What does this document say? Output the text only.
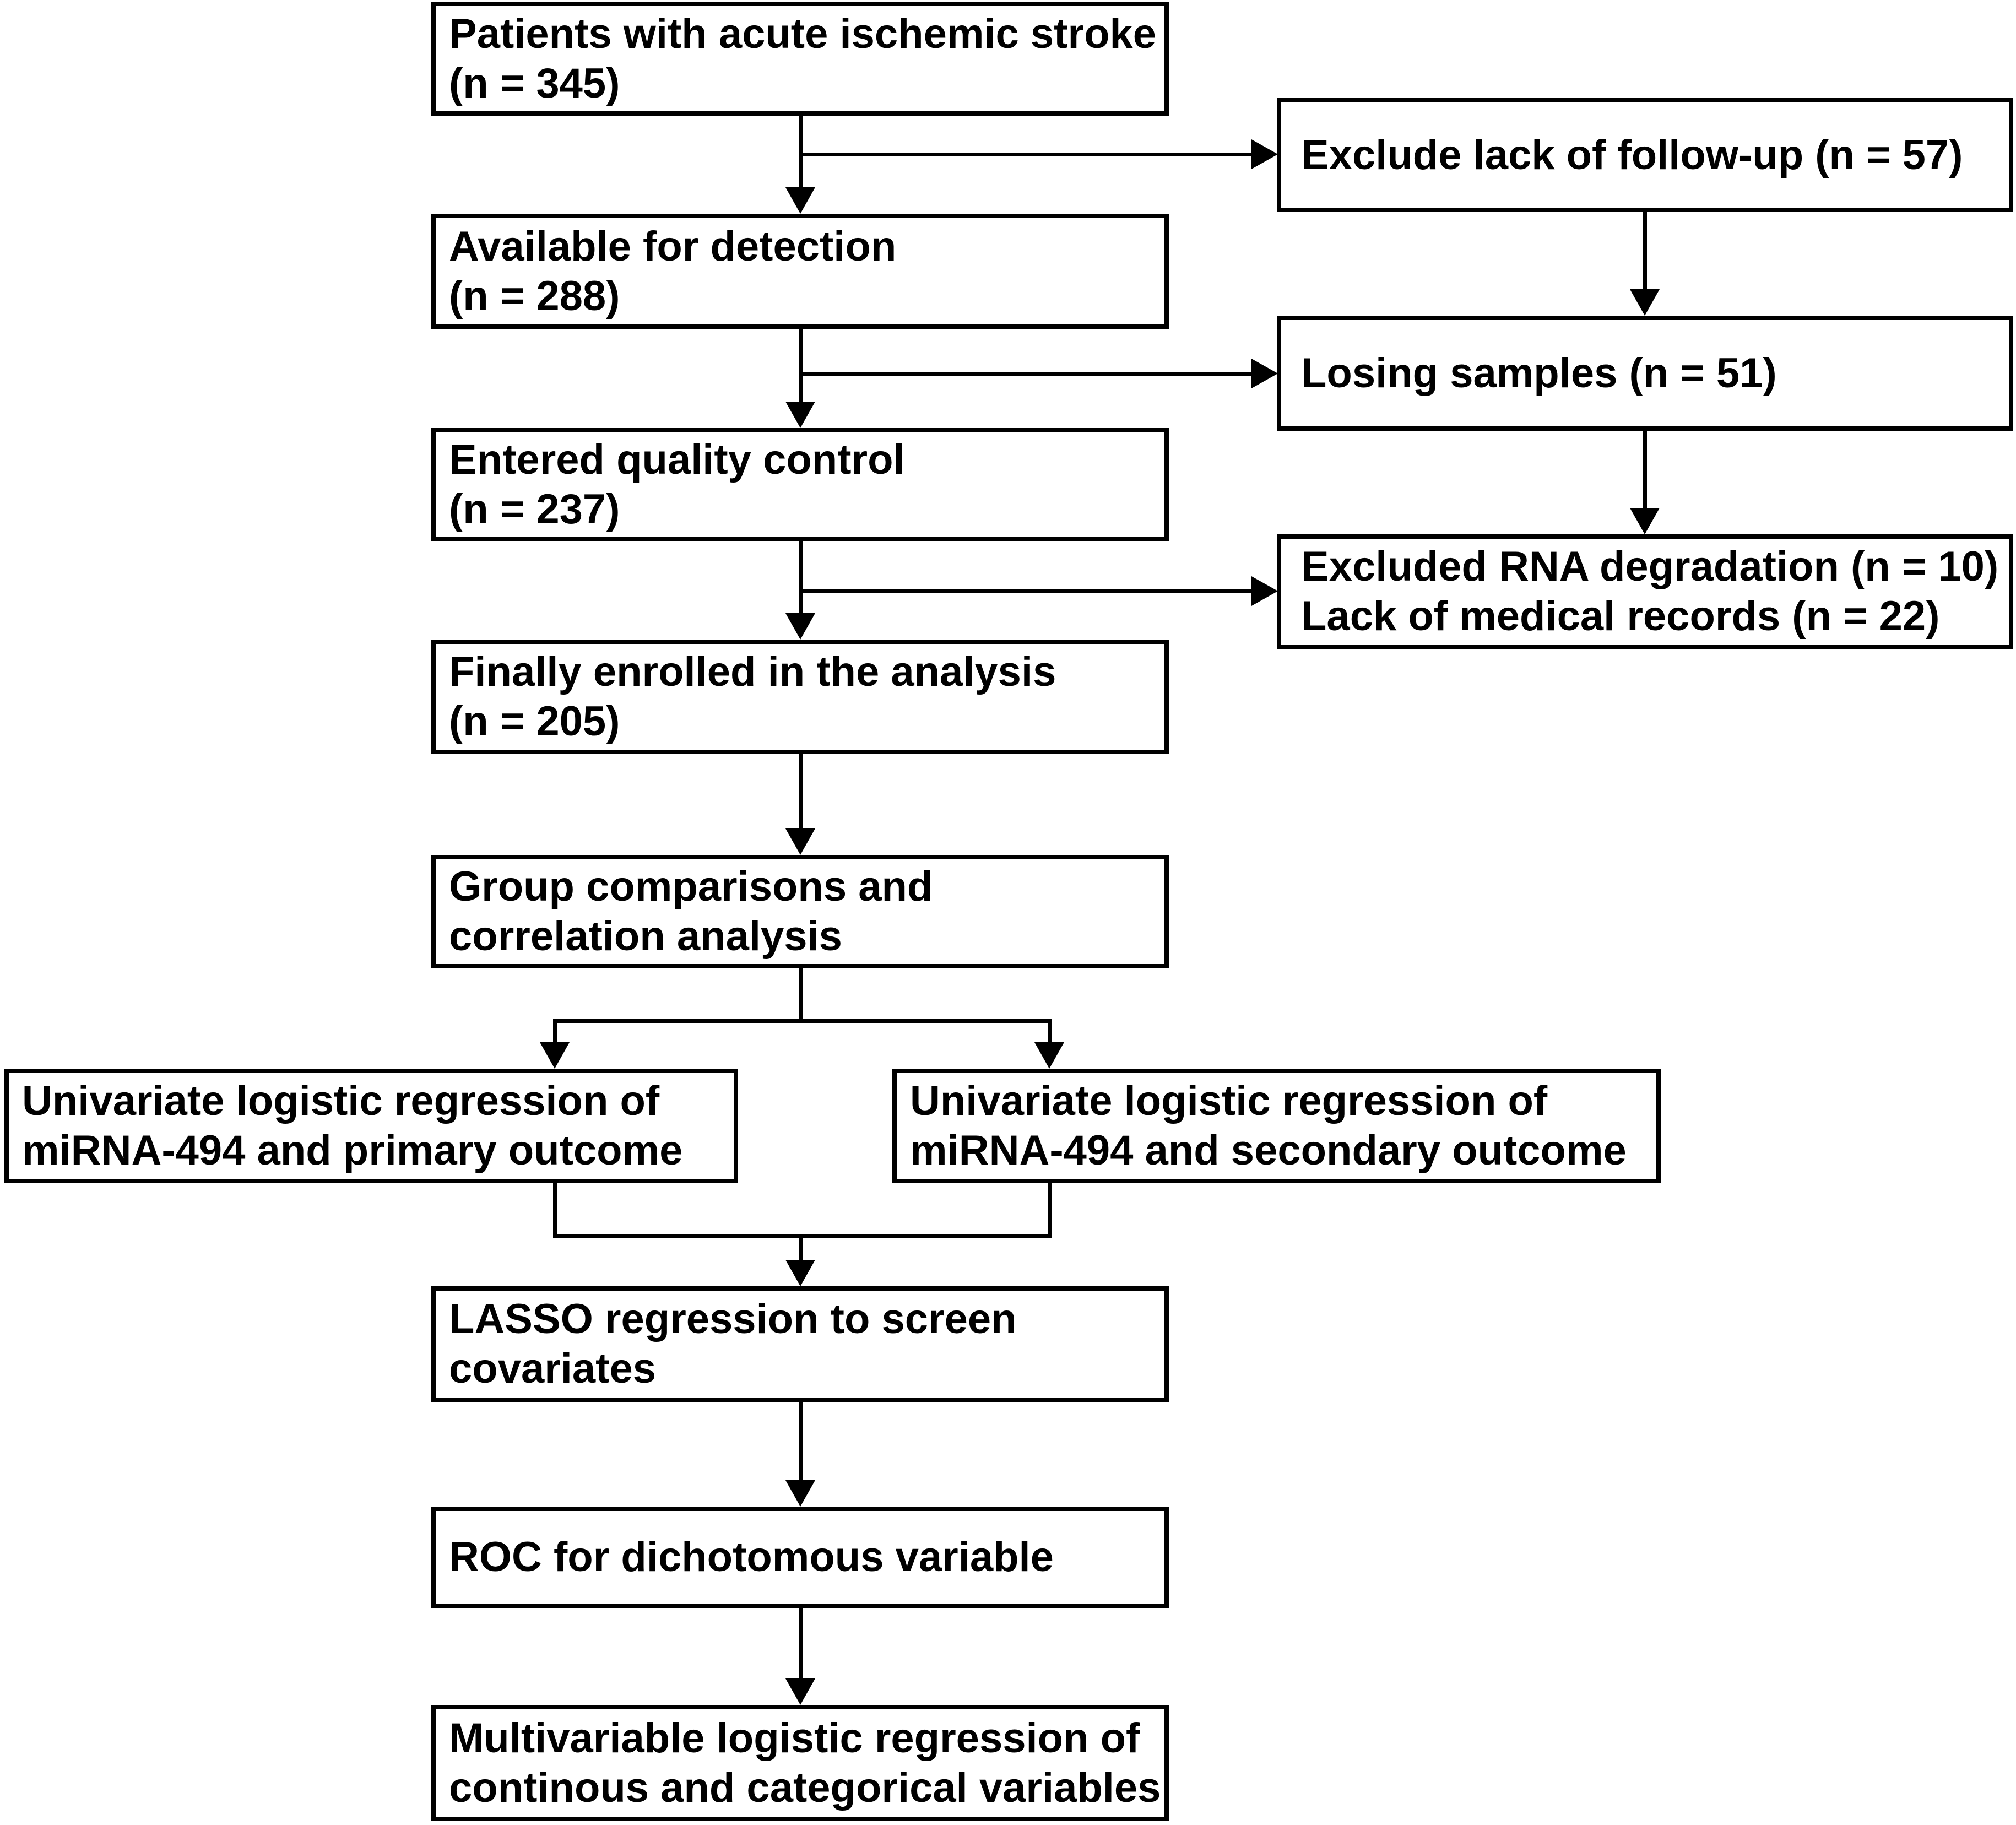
Patients with acute ischemic stroke
(n = 345)
Available for detection
(n = 288)
Entered quality control
(n = 237)
Finally enrolled in the analysis
(n = 205)
Group comparisons and
correlation analysis
LASSO regression to screen
covariates
ROC for dichotomous variable
Multivariable logistic regression of
continous and categorical variables
Exclude lack of follow-up (n = 57)
Losing samples (n = 51)
Excluded RNA degradation (n = 10)
Lack of medical records (n = 22)
Univariate logistic regression of
miRNA-494 and primary outcome
Univariate logistic regression of
miRNA-494 and secondary outcome
